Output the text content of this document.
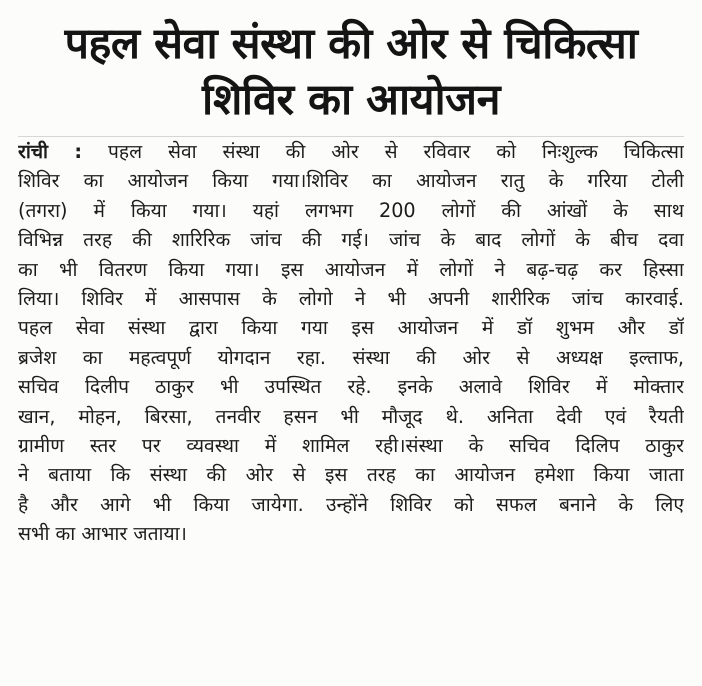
पहल सेवा संस्था की ओर से चिकित्सा
शिविर का आयोजन

रांची : पहल सेवा संस्था की ओर से रविवार को निःशुल्क चिकित्सा
शिविर का आयोजन किया गया।शिविर का आयोजन रातु के गरिया टोली
(तगरा) में किया गया। यहां लगभग 200 लोगों की आंखों के साथ
विभिन्न तरह की शारिरिक जांच की गई। जांच के बाद लोगों के बीच दवा
का भी वितरण किया गया। इस आयोजन में लोगों ने बढ़-चढ़ कर हिस्सा
लिया। शिविर में आसपास के लोगो ने भी अपनी शारीरिक जांच कारवाई.
पहल सेवा संस्था द्वारा किया गया इस आयोजन में डॉ शुभम और डॉ
ब्रजेश का महत्वपूर्ण योगदान रहा. संस्था की ओर से अध्यक्ष इल्ताफ,
सचिव दिलीप ठाकुर भी उपस्थित रहे. इनके अलावे शिविर में मोक्तार
खान, मोहन, बिरसा, तनवीर हसन भी मौजूद थे. अनिता देवी एवं रैयती
ग्रामीण स्तर पर व्यवस्था में शामिल रही।संस्था के सचिव दिलिप ठाकुर
ने बताया कि संस्था की ओर से इस तरह का आयोजन हमेशा किया जाता
है और आगे भी किया जायेगा. उन्होंने शिविर को सफल बनाने के लिए
सभी का आभार जताया।
